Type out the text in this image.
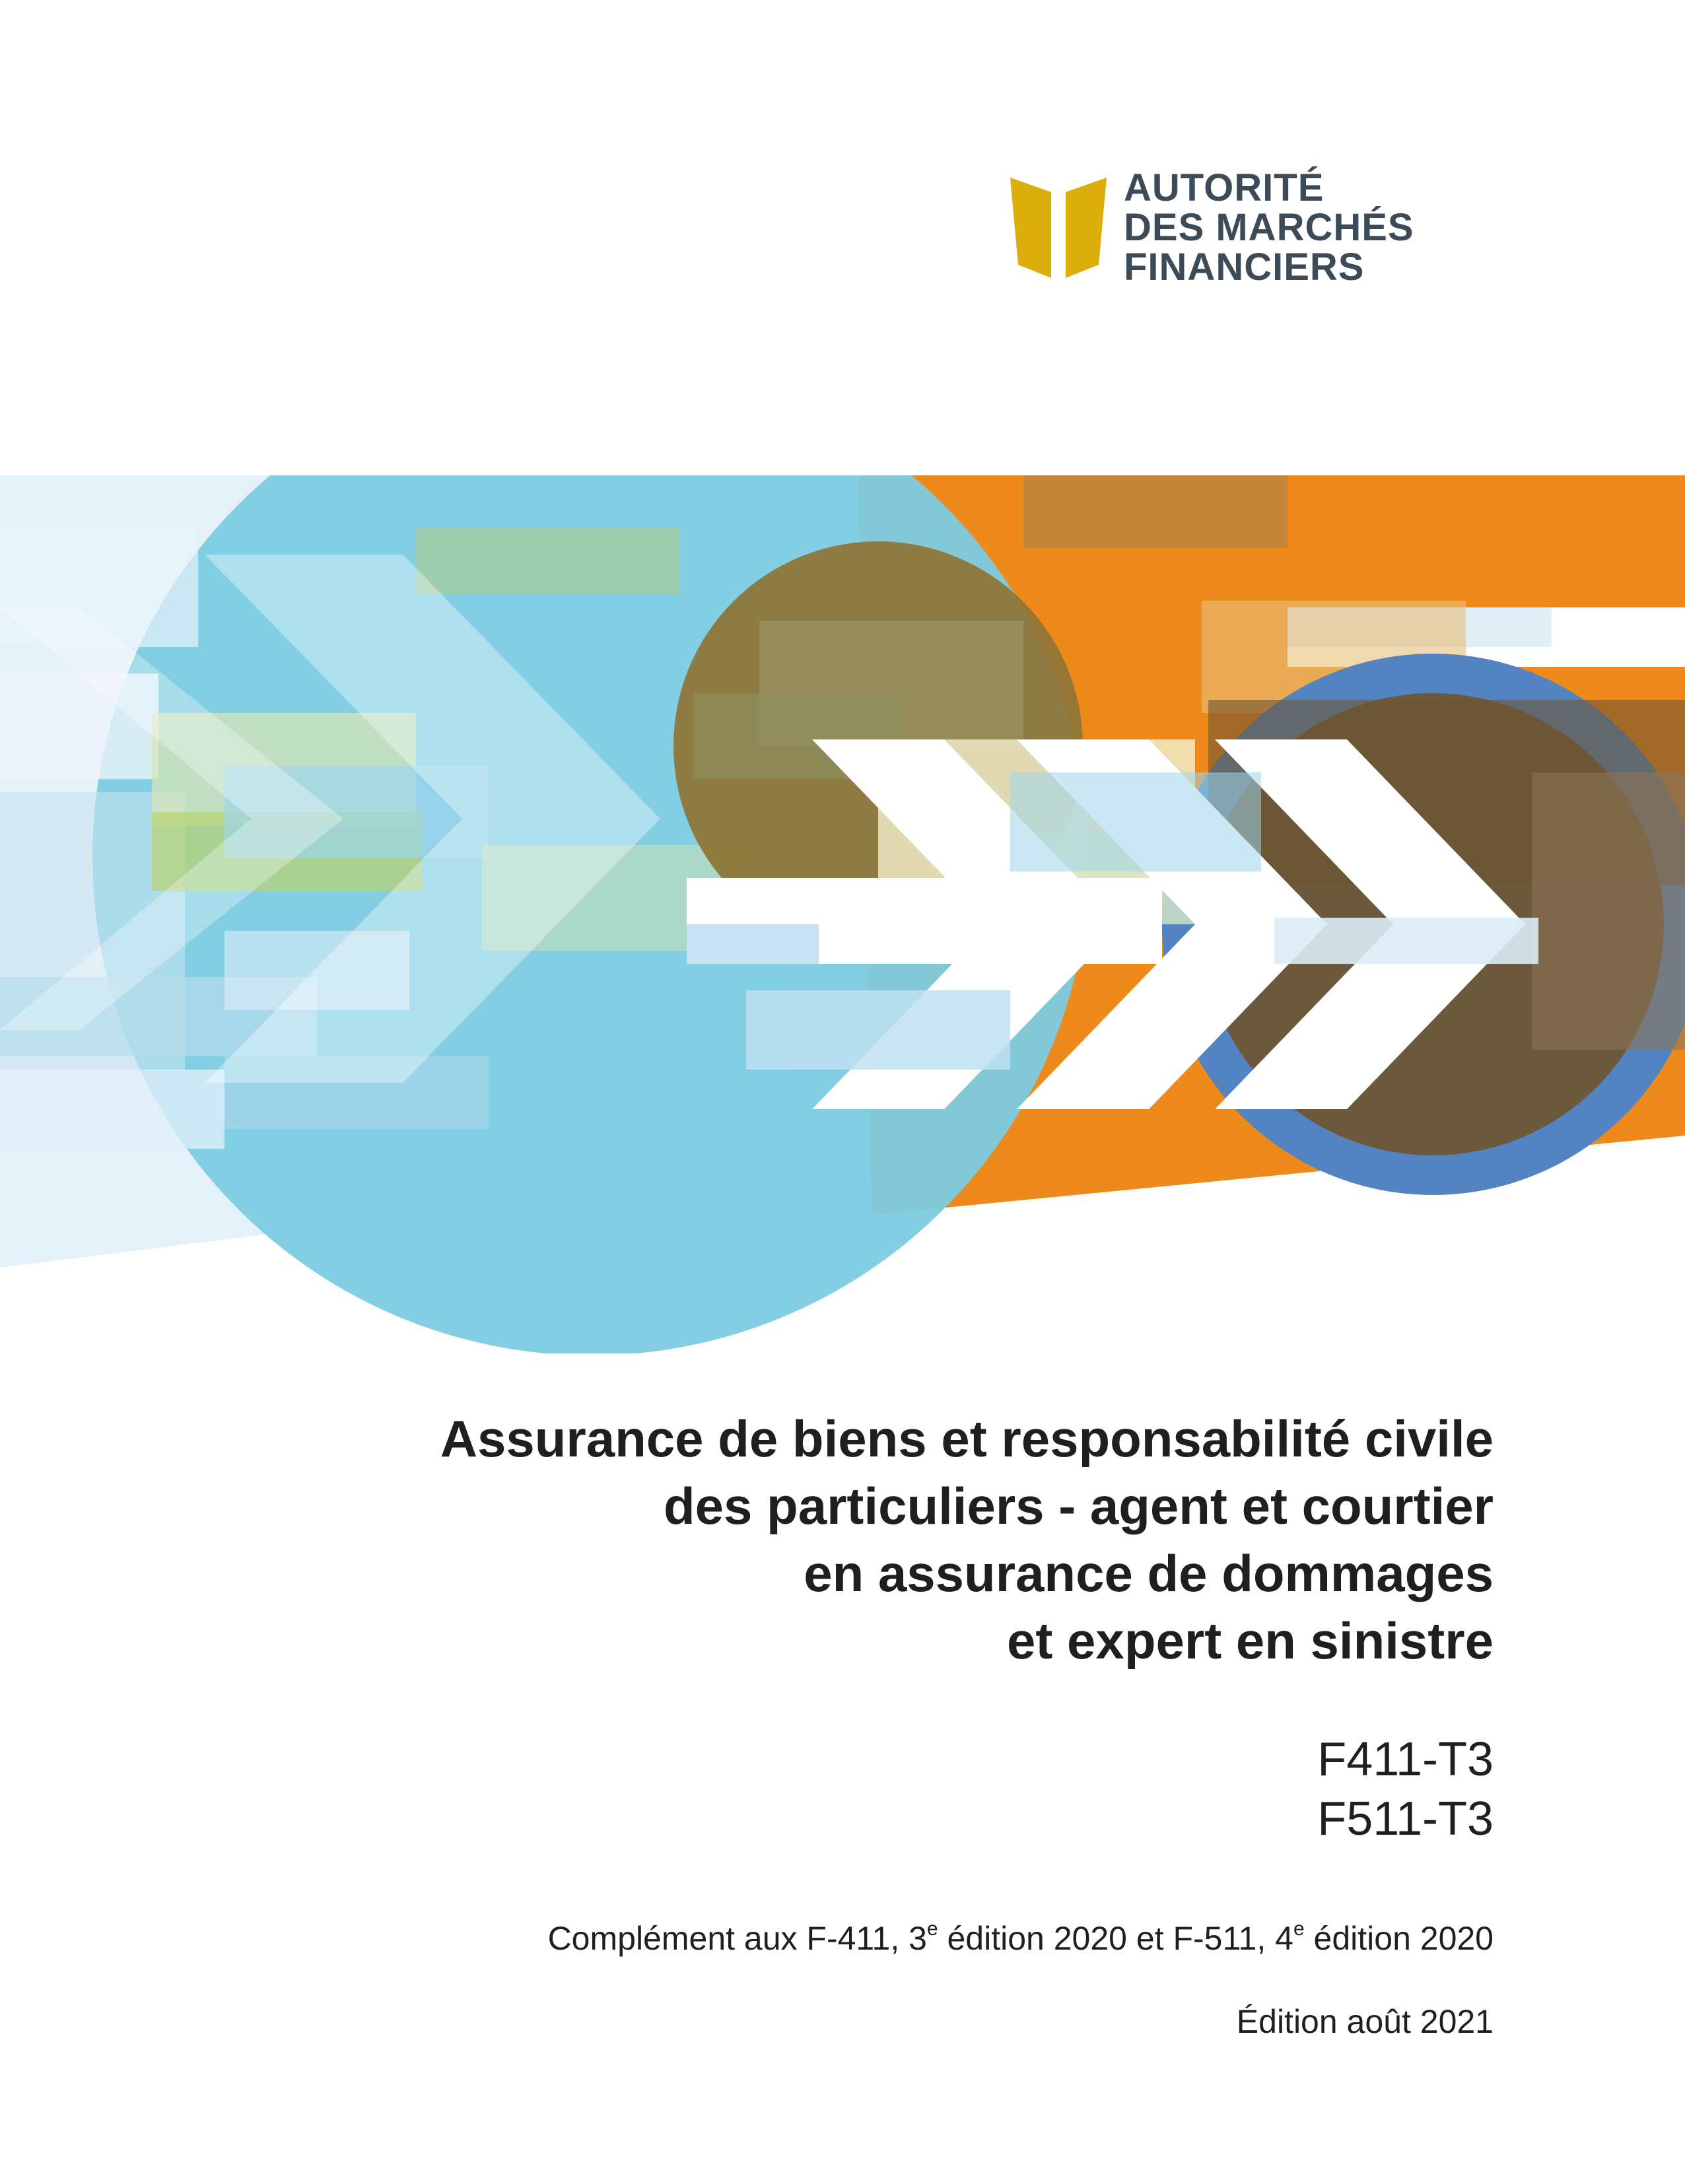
AUTORITÉ
DES MARCHÉS
FINANCIERS
Assurance de biens et responsabilité civile
des particuliers - agent et courtier
en assurance de dommages
et expert en sinistre
F411-T3
F511-T3
Complément aux F-411, 3e édition 2020 et F-511, 4e édition 2020
Édition août 2021
